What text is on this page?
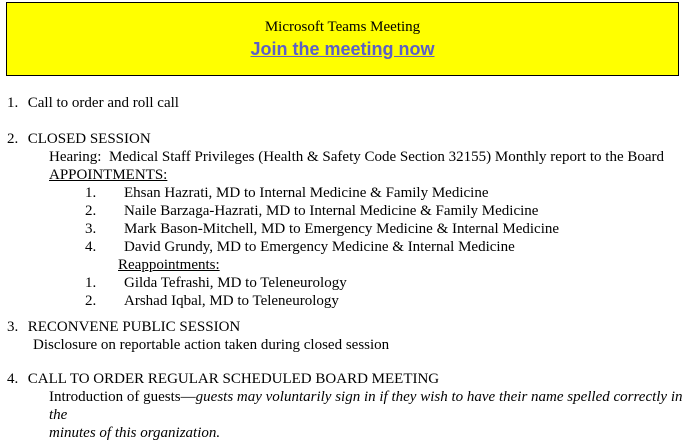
Microsoft Teams Meeting
Join the meeting now
1. Call to order and roll call
2. CLOSED SESSION
Hearing: Medical Staff Privileges (Health & Safety Code Section 32155) Monthly report to the Board
APPOINTMENTS:
1. Ehsan Hazrati, MD to Internal Medicine & Family Medicine
2. Naile Barzaga-Hazrati, MD to Internal Medicine & Family Medicine
3. Mark Bason-Mitchell, MD to Emergency Medicine & Internal Medicine
4. David Grundy, MD to Emergency Medicine & Internal Medicine
Reappointments:
1. Gilda Tefrashi, MD to Teleneurology
2. Arshad Iqbal, MD to Teleneurology
3. RECONVENE PUBLIC SESSION
Disclosure on reportable action taken during closed session
4. CALL TO ORDER REGULAR SCHEDULED BOARD MEETING
Introduction of guests—guests may voluntarily sign in if they wish to have their name spelled correctly in the
minutes of this organization.
